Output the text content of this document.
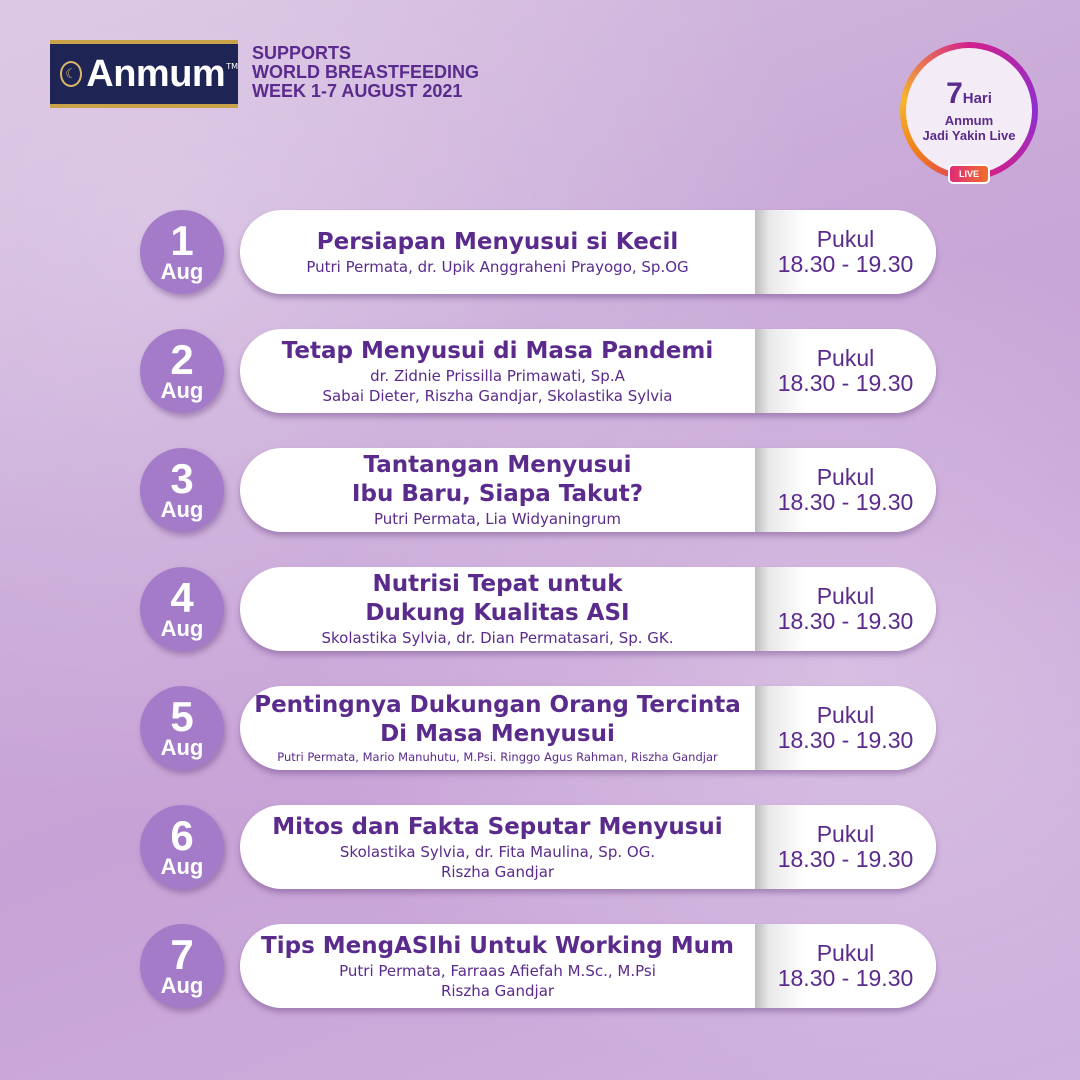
☾ Anmum TM
SUPPORTS
WORLD BREASTFEEDING
WEEK 1-7 AUGUST 2021	7Hari
Anmum
Jadi Yakin Live
LIVE
1
Aug
Persiapan Menyusui si Kecil
Putri Permata, dr. Upik Anggraheni Prayogo, Sp.OG
Pukul
18.30 - 19.30
2
Aug
Tetap Menyusui di Masa Pandemi
dr. Zidnie Prissilla Primawati, Sp.A
Sabai Dieter, Riszha Gandjar, Skolastika Sylvia
Pukul
18.30 - 19.30
3
Aug
Tantangan Menyusui
Ibu Baru, Siapa Takut?
Putri Permata, Lia Widyaningrum
Pukul
18.30 - 19.30
4
Aug
Nutrisi Tepat untuk
Dukung Kualitas ASI
Skolastika Sylvia, dr. Dian Permatasari, Sp. GK.
Pukul
18.30 - 19.30
5
Aug
Pentingnya Dukungan Orang Tercinta
Di Masa Menyusui
Putri Permata, Mario Manuhutu, M.Psi. Ringgo Agus Rahman, Riszha Gandjar
Pukul
18.30 - 19.30
6
Aug
Mitos dan Fakta Seputar Menyusui
Skolastika Sylvia, dr. Fita Maulina, Sp. OG.
Riszha Gandjar
Pukul
18.30 - 19.30
7
Aug
Tips MengASIhi Untuk Working Mum
Putri Permata, Farraas Afiefah M.Sc., M.Psi
Riszha Gandjar
Pukul
18.30 - 19.30
